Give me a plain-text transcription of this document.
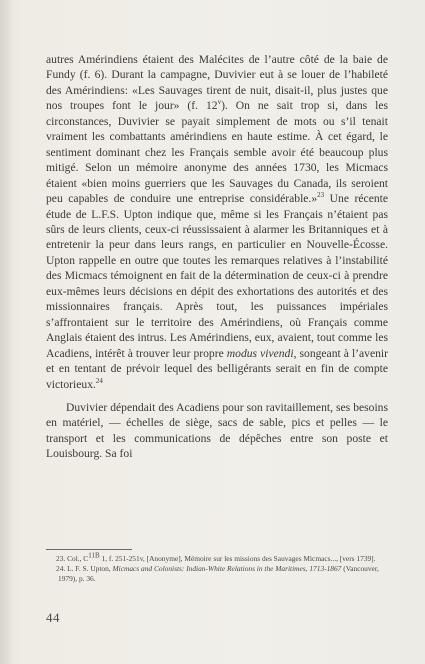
autres Amérindiens étaient des Malécites de l’autre côté de la baie de Fundy (f. 6). Durant la campagne, Duvivier eut à se louer de l’habileté des Amérindiens: «Les Sauvages tirent de nuit, disait-il, plus justes que nos troupes font le jour» (f. 12$^v$). On ne sait trop si, dans les circonstances, Duvivier se payait simplement de mots ou s’il tenait vraiment les combattants amérindiens en haute estime. À cet égard, le sentiment dominant chez les Français semble avoir été beaucoup plus mitigé. Selon un mémoire anonyme des années 1730, les Micmacs étaient «bien moins guerriers que les Sauvages du Canada, ils seroient peu capables de conduire une entreprise considérable.»$^{23}$ Une récente étude de L.F.S. Upton indique que, même si les Français n’étaient pas sûrs de leurs clients, ceux-ci réussissaient à alarmer les Britanniques et à entretenir la peur dans leurs rangs, en particulier en Nouvelle-Écosse. Upton rappelle en outre que toutes les remarques relatives à l’instabilité des Micmacs témoignent en fait de la détermination de ceux-ci à prendre eux-mêmes leurs décisions en dépit des exhortations des autorités et des missionnaires français. Après tout, les puissances impériales s’affrontaient sur le territoire des Amérindiens, où Français comme Anglais étaient des intrus. Les Amérindiens, eux, avaient, tout comme les Acadiens, intérêt à trouver leur propre modus vivendi, songeant à l’avenir et en tentant de prévoir lequel des belligérants serait en fin de compte victorieux.$^{24}$

Duvivier dépendait des Acadiens pour son ravitaillement, ses besoins en matériel, — échelles de siège, sacs de sable, pics et pelles — le transport et les communications de dépêches entre son poste et Louisbourg. Sa foi

23. Col., $C^{11B}$ 1, f. 251-251v, [Anonyme], Mémoire sur les missions des Sauvages Micmacs..., [vers 1739].
24. L. F. S. Upton, Micmacs and Colonists: Indian-White Relations in the Maritimes, 1713-1867 (Vancouver, 1979), p. 36.
44
